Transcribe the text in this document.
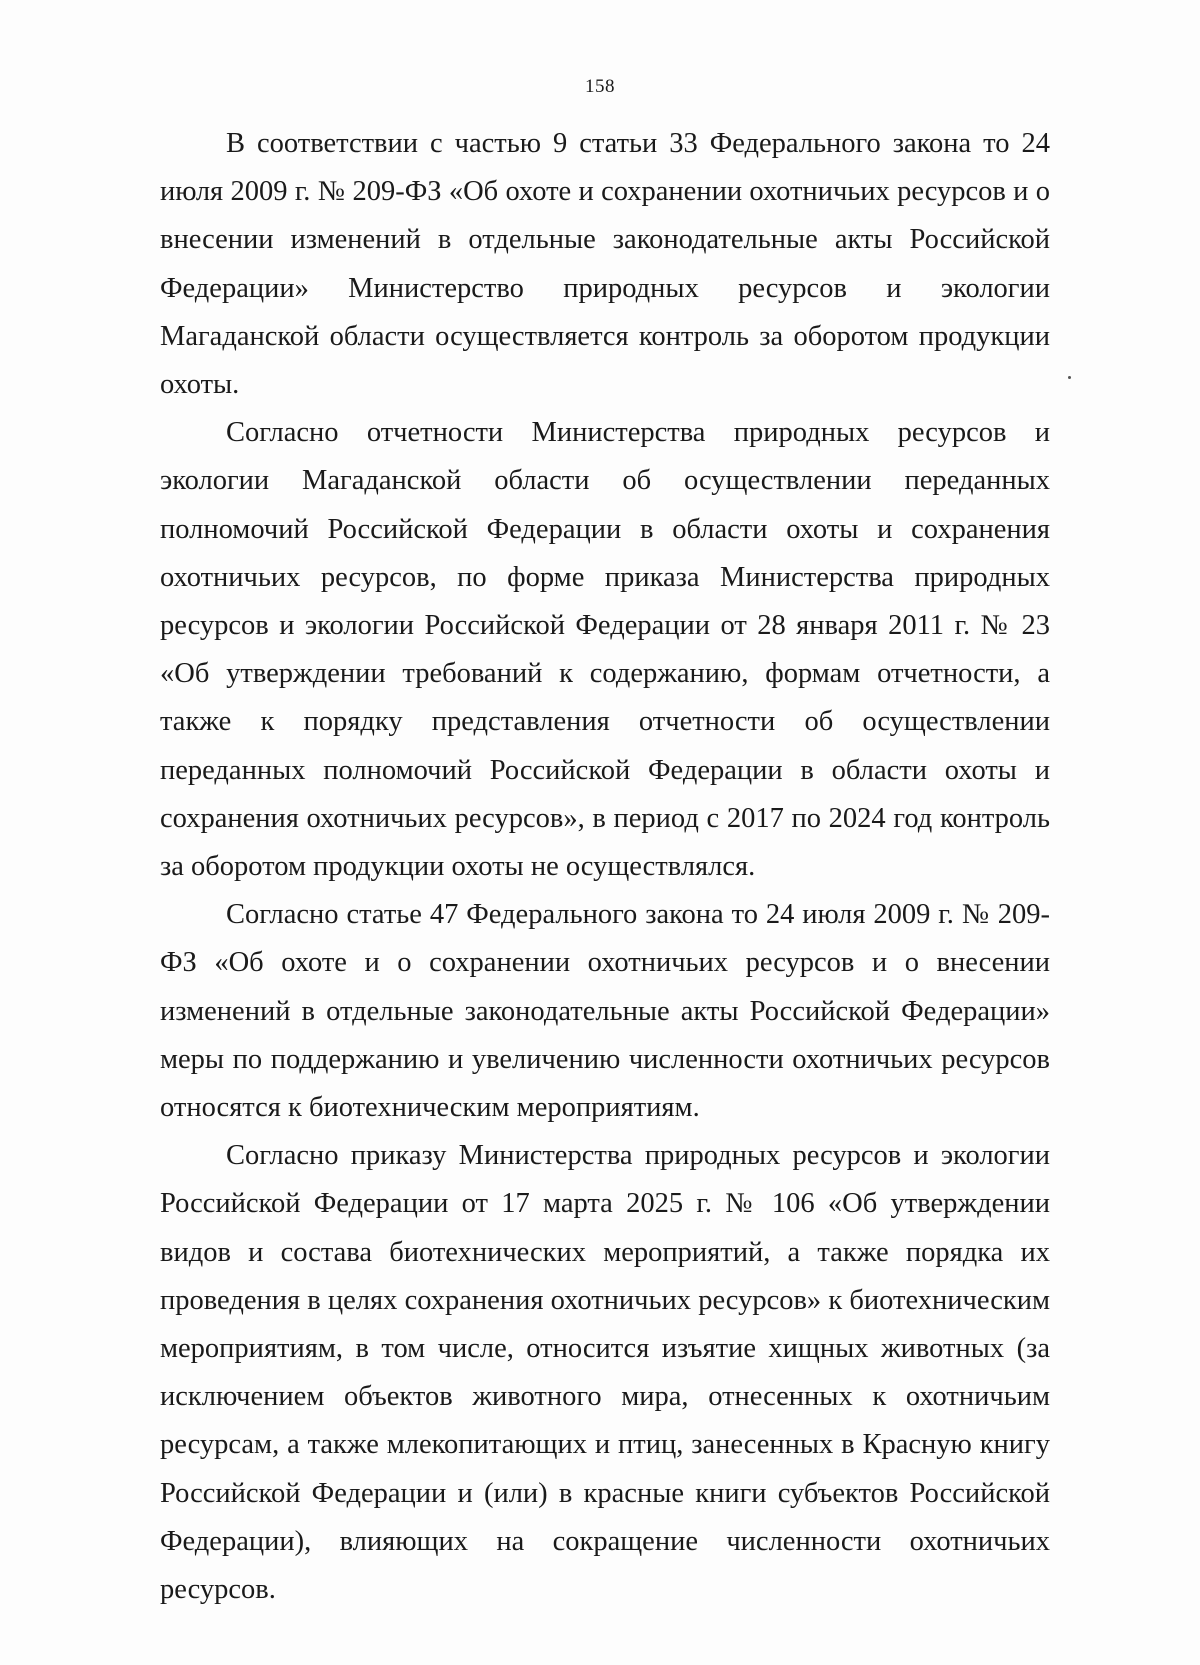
158

В соответствии с частью 9 статьи 33 Федерального закона то 24 июля 2009 г. № 209-ФЗ «Об охоте и сохранении охотничьих ресурсов и о внесении изменений в отдельные законодательные акты Российской Федерации» Министерство природных ресурсов и экологии Магаданской области осуществляется контроль за оборотом продукции охоты.

Согласно отчетности Министерства природных ресурсов и экологии Магаданской области об осуществлении переданных полномочий Российской Федерации в области охоты и сохранения охотничьих ресурсов, по форме приказа Министерства природных ресурсов и экологии Российской Федерации от 28 января 2011 г. № 23 «Об утверждении требований к содержанию, формам отчетности, а также к порядку представления отчетности об осуществлении переданных полномочий Российской Федерации в области охоты и сохранения охотничьих ресурсов», в период с 2017 по 2024 год контроль за оборотом продукции охоты не осуществлялся.

Согласно статье 47 Федерального закона то 24 июля 2009 г. № 209-ФЗ «Об охоте и о сохранении охотничьих ресурсов и о внесении изменений в отдельные законодательные акты Российской Федерации» меры по поддержанию и увеличению численности охотничьих ресурсов относятся к биотехническим мероприятиям.

Согласно приказу Министерства природных ресурсов и экологии Российской Федерации от 17 марта 2025 г. № 106 «Об утверждении видов и состава биотехнических мероприятий, а также порядка их проведения в целях сохранения охотничьих ресурсов» к биотехническим мероприятиям, в том числе, относится изъятие хищных животных (за исключением объектов животного мира, отнесенных к охотничьим ресурсам, а также млекопитающих и птиц, занесенных в Красную книгу Российской Федерации и (или) в красные книги субъектов Российской Федерации), влияющих на сокращение численности охотничьих ресурсов.
